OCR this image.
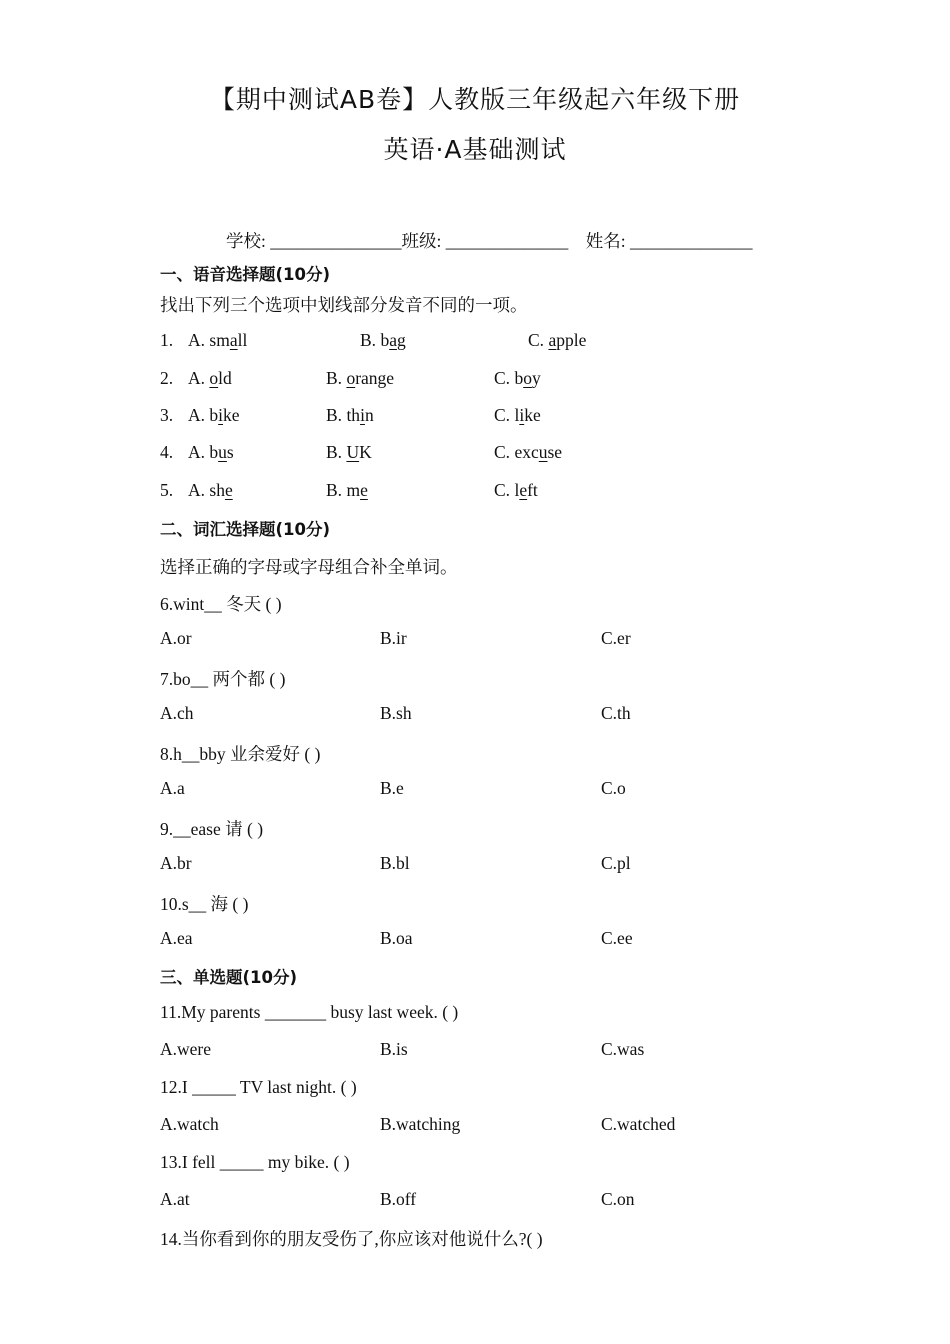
【期中测试AB卷】人教版三年级起六年级下册
英语·A基础测试
学校: _______________班级: ______________ 姓名: ______________
一、语音选择题(10分)
找出下列三个选项中划线部分发音不同的一项。
1. A. small	B. bag	C. apple
2. A. old	B. orange	C. boy
3. A. bike	B. thin	C. like
4. A. bus	B. UK	C. excuse
5. A. she	B. me	C. left
二、词汇选择题(10分)
选择正确的字母或字母组合补全单词。
6.wint__ 冬天 ( )
A.or	B.ir	C.er
7.bo__ 两个都 ( )
A.ch	B.sh	C.th
8.h__bby 业余爱好 ( )
A.a	B.e	C.o
9.__ease 请 ( )
A.br	B.bl	C.pl
10.s__ 海 ( )
A.ea	B.oa	C.ee
三、单选题(10分)
11.My parents _______ busy last week. ( )
A.were	B.is	C.was
12.I _____ TV last night. ( )
A.watch	B.watching	C.watched
13.I fell _____ my bike. ( )
A.at	B.off	C.on
14.当你看到你的朋友受伤了,你应该对他说什么?( )
